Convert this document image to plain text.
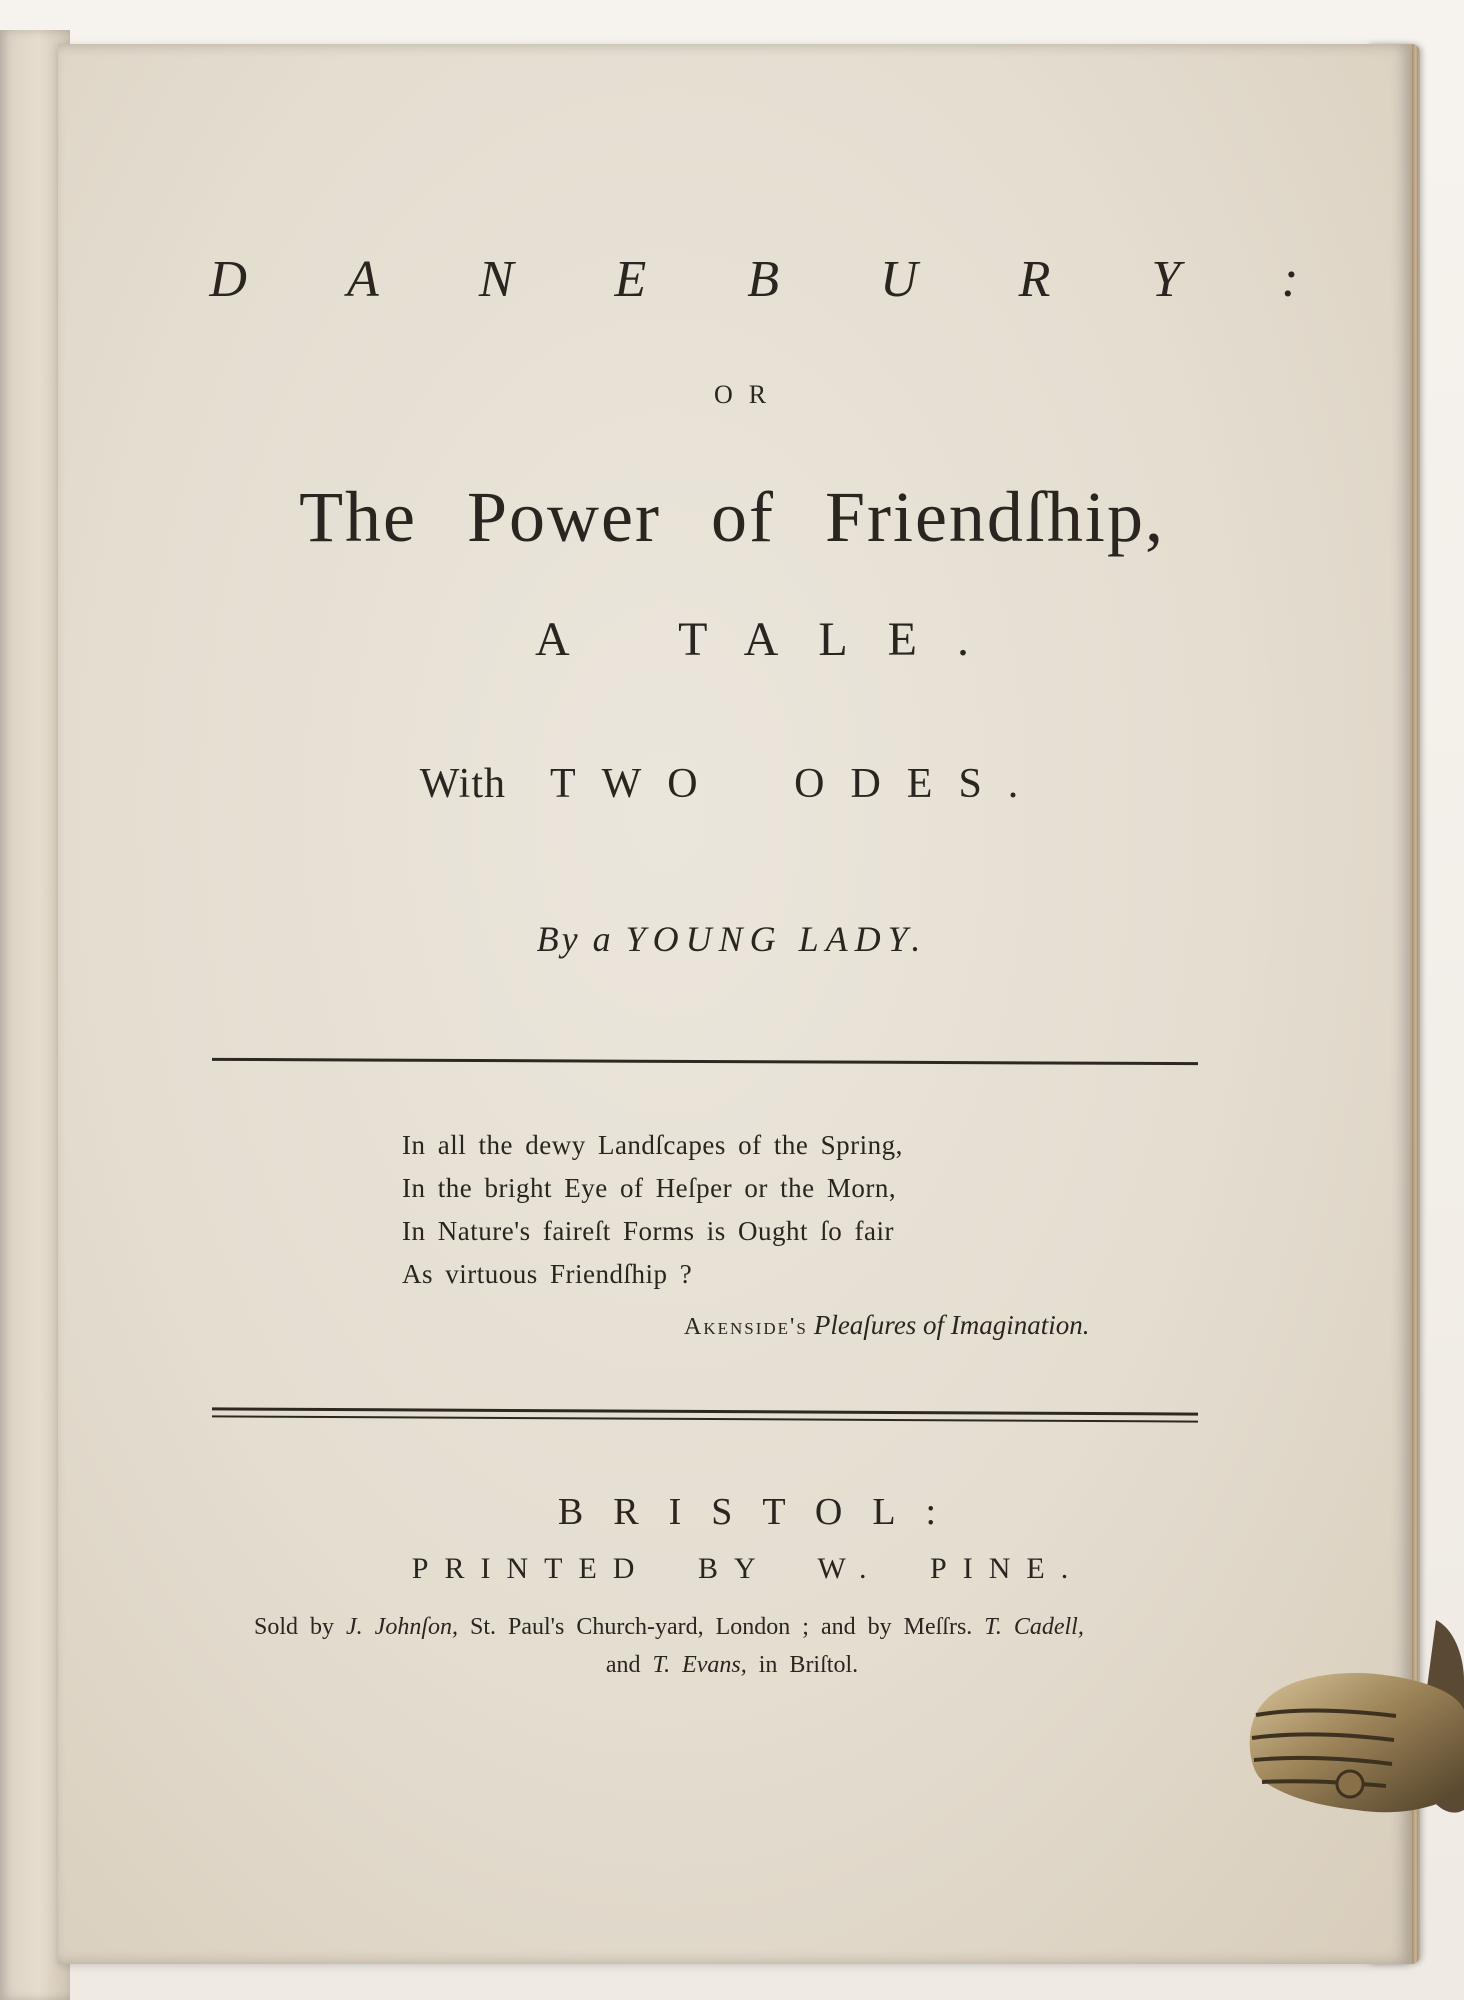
D A N E B U R Y :
OR
The Power of Friendſhip,
A TALE.
With TWO ODES.
By a YOUNG LADY.
In all the dewy Landſcapes of the Spring,
In the bright Eye of Heſper or the Morn,
In Nature's faireſt Forms is Ought ſo fair
As virtuous Friendſhip ?
Akenside's Pleaſures of Imagination.
BRISTOL:
PRINTED BY W. PINE.
Sold by J. Johnſon, St. Paul's Church-yard, London ; and by Meſſrs. T. Cadell,
and T. Evans, in Briſtol.
